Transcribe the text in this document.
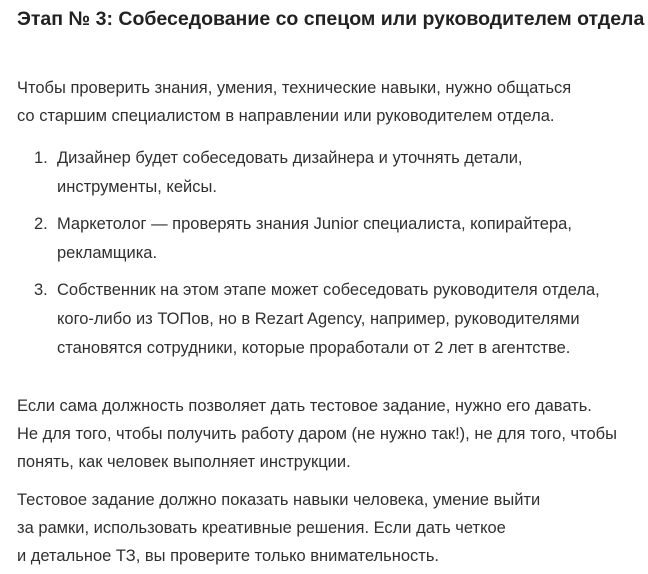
Этап № 3: Собеседование со спецом или руководителем отдела

Чтобы проверить знания, умения, технические навыки, нужно общаться
со старшим специалистом в направлении или руководителем отдела.

1. Дизайнер будет собеседовать дизайнера и уточнять детали,
инструменты, кейсы.
2. Маркетолог — проверять знания Junior специалиста, копирайтера,
рекламщика.
3. Собственник на этом этапе может собеседовать руководителя отдела,
кого-либо из ТОПов, но в Rezart Agency, например, руководителями
становятся сотрудники, которые проработали от 2 лет в агентстве.

Если сама должность позволяет дать тестовое задание, нужно его давать.
Не для того, чтобы получить работу даром (не нужно так!), не для того, чтобы
понять, как человек выполняет инструкции.

Тестовое задание должно показать навыки человека, умение выйти
за рамки, использовать креативные решения. Если дать четкое
и детальное ТЗ, вы проверите только внимательность.
